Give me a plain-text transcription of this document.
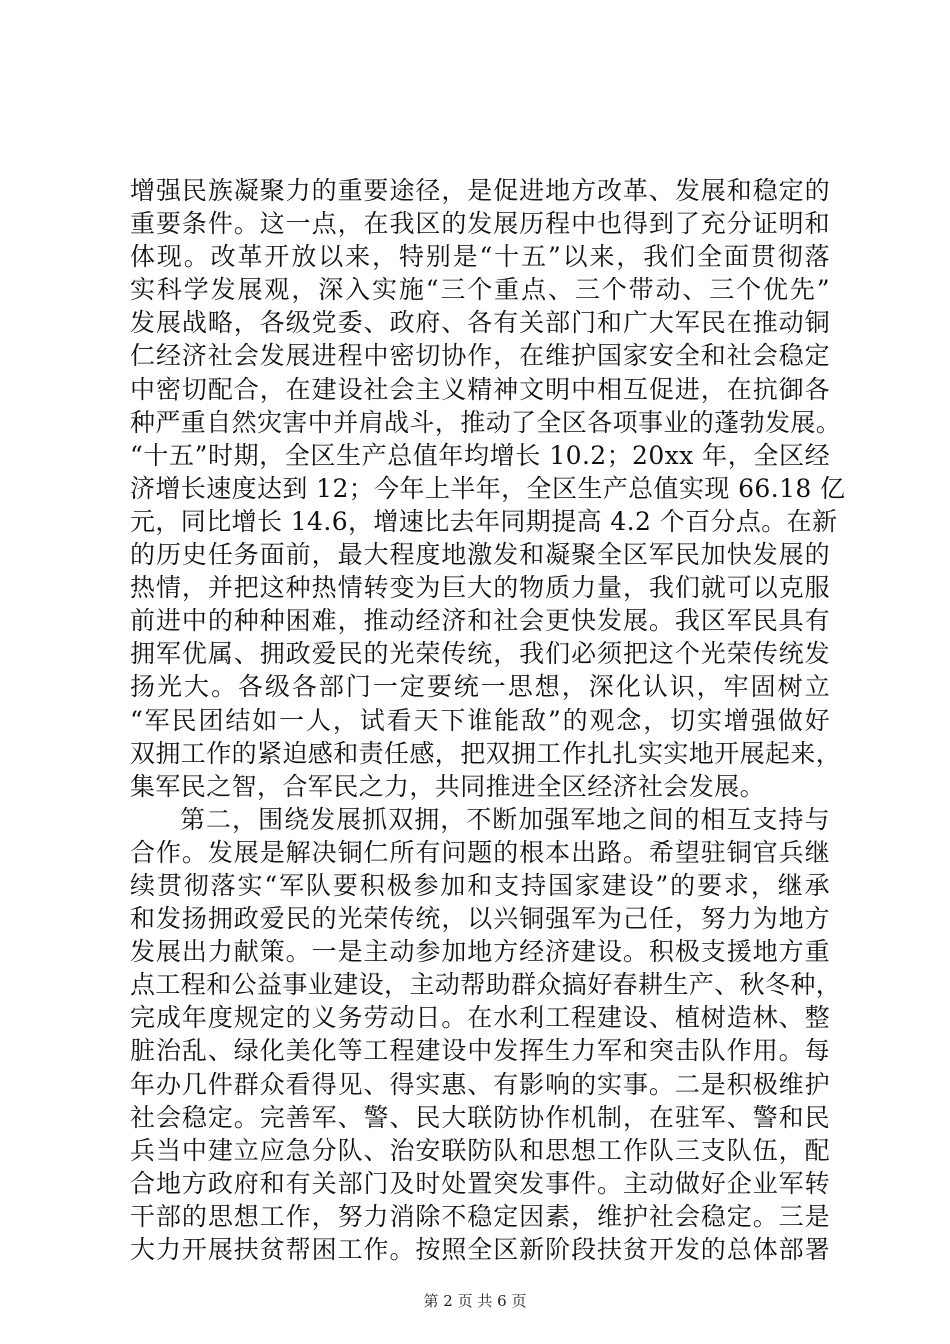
增强民族凝聚力的重要途径，是促进地方改革、发展和稳定的
重要条件。这一点，在我区的发展历程中也得到了充分证明和
体现。改革开放以来，特别是“十五”以来，我们全面贯彻落
实科学发展观，深入实施“三个重点、三个带动、三个优先”
发展战略，各级党委、政府、各有关部门和广大军民在推动铜
仁经济社会发展进程中密切协作，在维护国家安全和社会稳定
中密切配合，在建设社会主义精神文明中相互促进，在抗御各
种严重自然灾害中并肩战斗，推动了全区各项事业的蓬勃发展。
“十五”时期，全区生产总值年均增长 10.2；20xx 年，全区经
济增长速度达到 12；今年上半年，全区生产总值实现 66.18 亿
元，同比增长 14.6，增速比去年同期提高 4.2 个百分点。在新
的历史任务面前，最大程度地激发和凝聚全区军民加快发展的
热情，并把这种热情转变为巨大的物质力量，我们就可以克服
前进中的种种困难，推动经济和社会更快发展。我区军民具有
拥军优属、拥政爱民的光荣传统，我们必须把这个光荣传统发
扬光大。各级各部门一定要统一思想，深化认识，牢固树立
“军民团结如一人，试看天下谁能敌”的观念，切实增强做好
双拥工作的紧迫感和责任感，把双拥工作扎扎实实地开展起来，
集军民之智，合军民之力，共同推进全区经济社会发展。
第二，围绕发展抓双拥，不断加强军地之间的相互支持与
合作。发展是解决铜仁所有问题的根本出路。希望驻铜官兵继
续贯彻落实“军队要积极参加和支持国家建设”的要求，继承
和发扬拥政爱民的光荣传统，以兴铜强军为己任，努力为地方
发展出力献策。一是主动参加地方经济建设。积极支援地方重
点工程和公益事业建设，主动帮助群众搞好春耕生产、秋冬种，
完成年度规定的义务劳动日。在水利工程建设、植树造林、整
脏治乱、绿化美化等工程建设中发挥生力军和突击队作用。每
年办几件群众看得见、得实惠、有影响的实事。二是积极维护
社会稳定。完善军、警、民大联防协作机制，在驻军、警和民
兵当中建立应急分队、治安联防队和思想工作队三支队伍，配
合地方政府和有关部门及时处置突发事件。主动做好企业军转
干部的思想工作，努力消除不稳定因素，维护社会稳定。三是
大力开展扶贫帮困工作。按照全区新阶段扶贫开发的总体部署
第 2 页 共 6 页
